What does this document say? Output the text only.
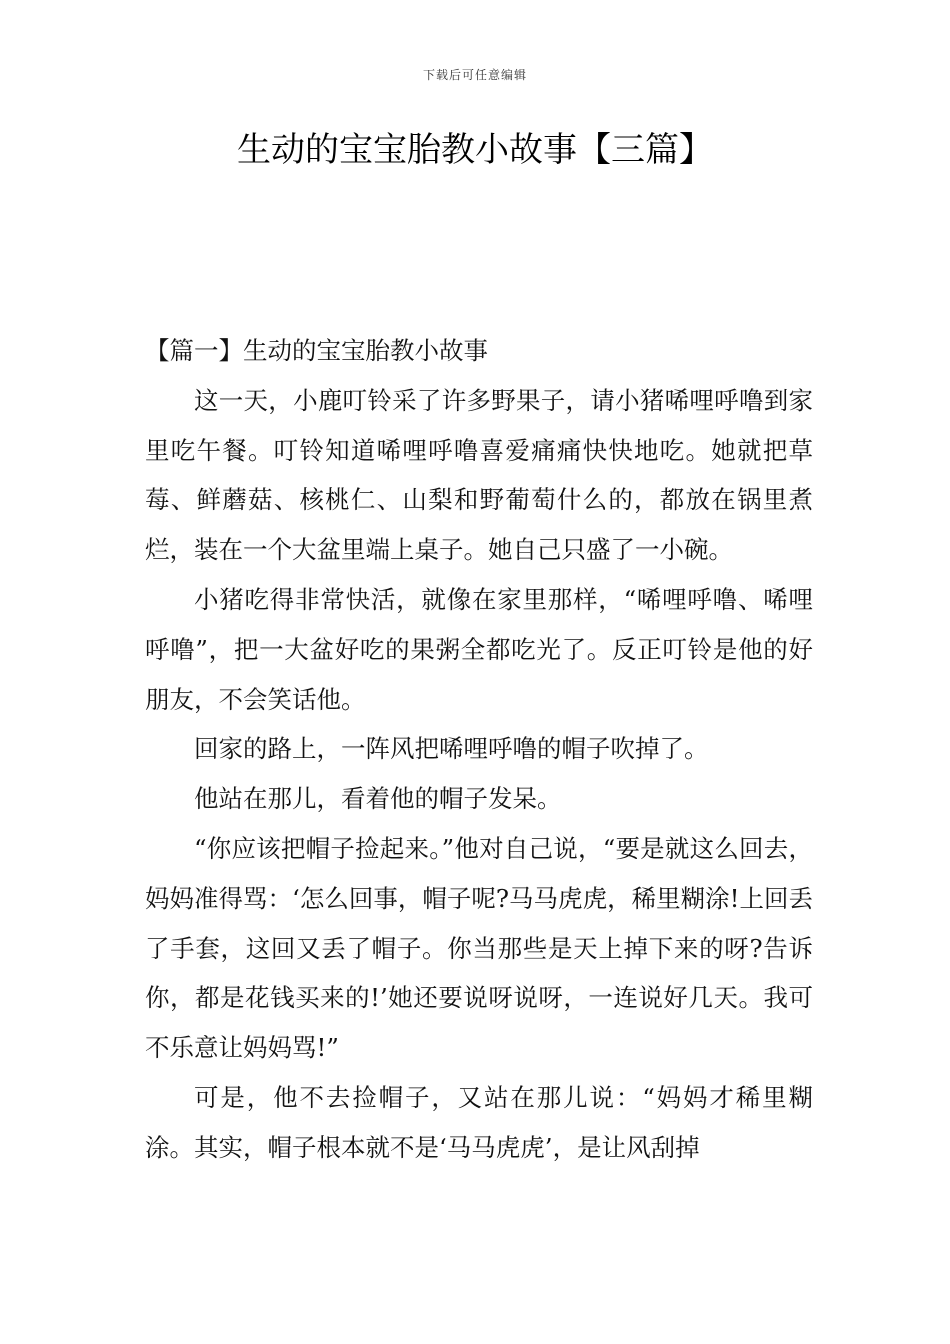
下载后可任意编辑
生动的宝宝胎教小故事【三篇】

【篇一】生动的宝宝胎教小故事

这一天，小鹿叮铃采了许多野果子，请小猪唏哩呼噜到家里吃午餐。叮铃知道唏哩呼噜喜爱痛痛快快地吃。她就把草莓、鲜蘑菇、核桃仁、山梨和野葡萄什么的，都放在锅里煮烂，装在一个大盆里端上桌子。她自己只盛了一小碗。

小猪吃得非常快活，就像在家里那样，“唏哩呼噜、唏哩呼噜”，把一大盆好吃的果粥全都吃光了。反正叮铃是他的好朋友，不会笑话他。

回家的路上，一阵风把唏哩呼噜的帽子吹掉了。

他站在那儿，看着他的帽子发呆。

“你应该把帽子捡起来。”他对自己说，“要是就这么回去，妈妈准得骂：‘怎么回事，帽子呢?马马虎虎，稀里糊涂!上回丢了手套，这回又丢了帽子。你当那些是天上掉下来的呀?告诉你，都是花钱买来的!’她还要说呀说呀，一连说好几天。我可不乐意让妈妈骂!”

可是，他不去捡帽子，又站在那儿说：“妈妈才稀里糊涂。其实，帽子根本就不是‘马马虎虎’，是让风刮掉
